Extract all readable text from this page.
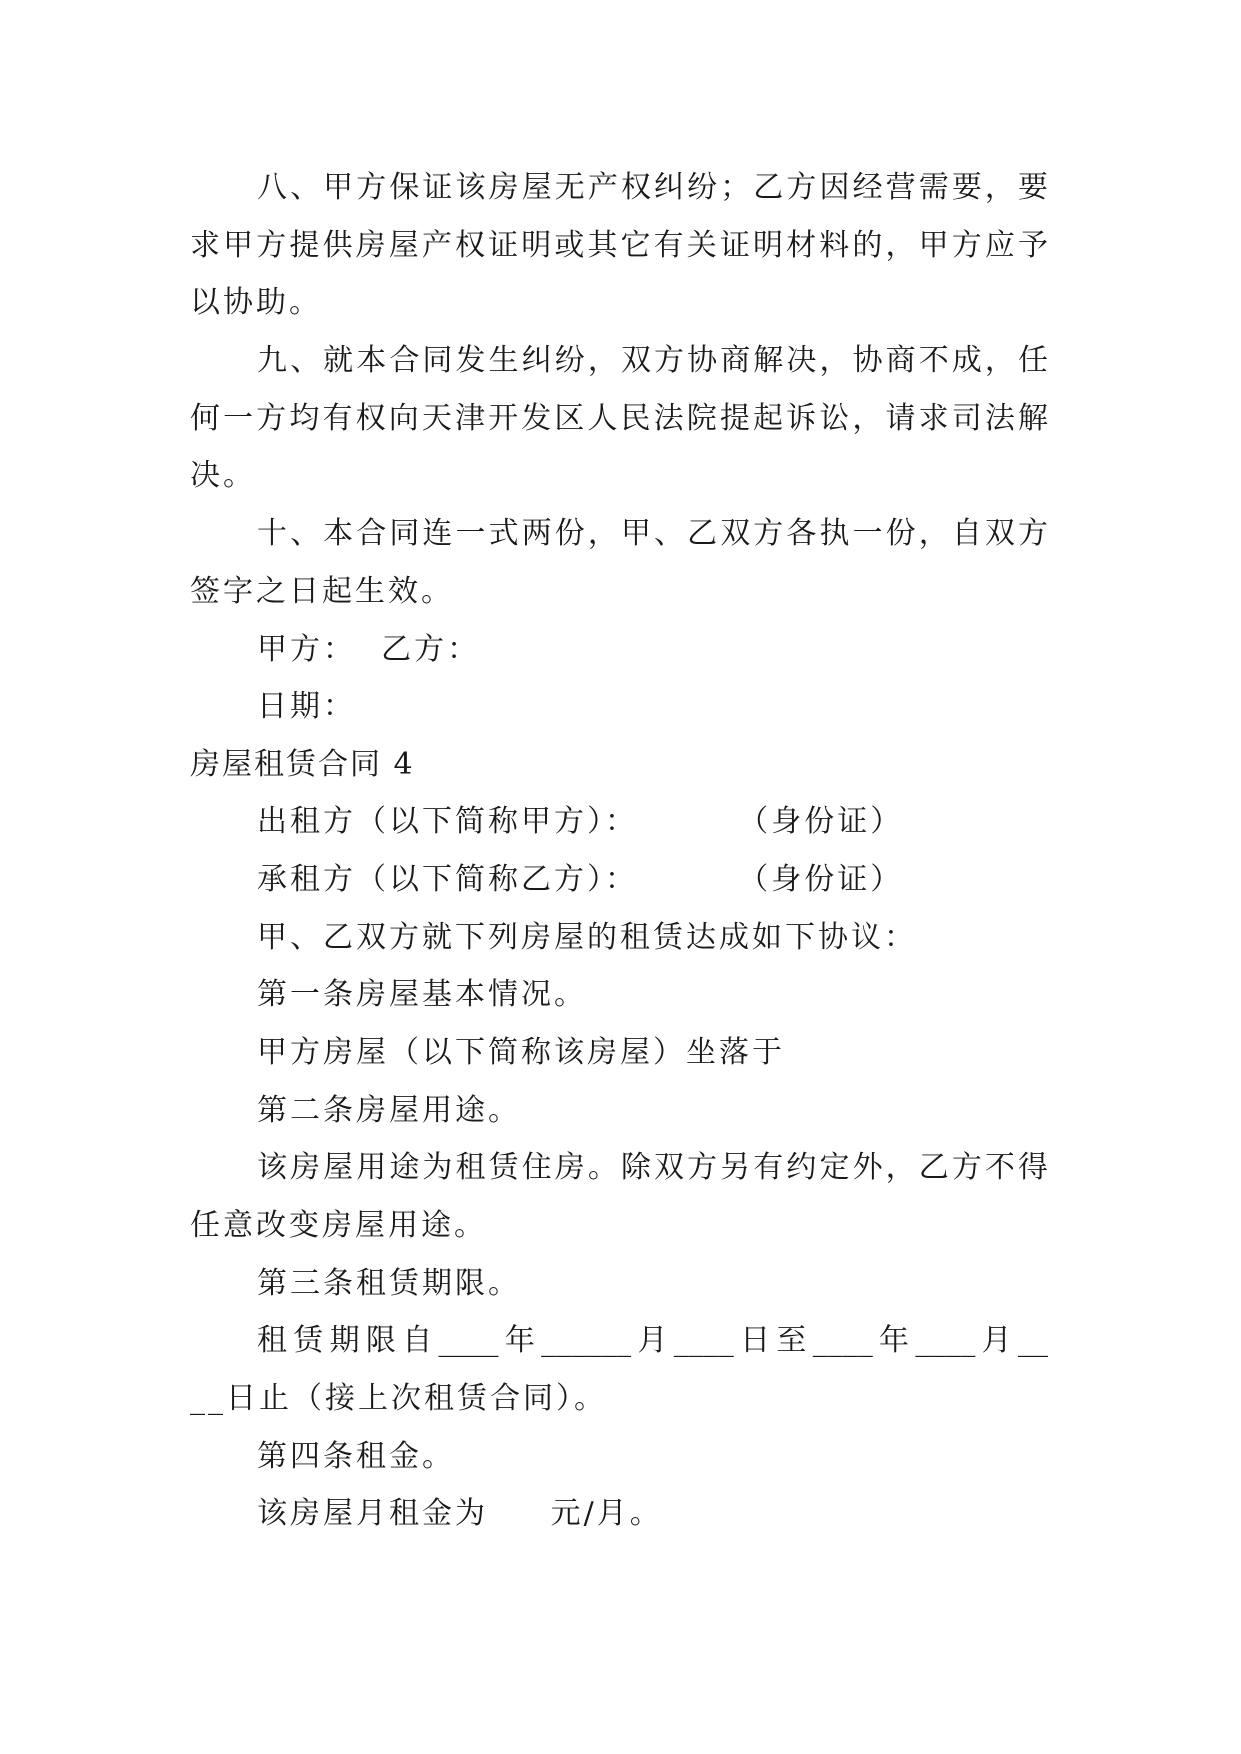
八、甲方保证该房屋无产权纠纷；乙方因经营需要，要
求甲方提供房屋产权证明或其它有关证明材料的，甲方应予
以协助。
九、就本合同发生纠纷，双方协商解决，协商不成，任
何一方均有权向天津开发区人民法院提起诉讼，请求司法解
决。
十、本合同连一式两份，甲、乙双方各执一份，自双方
签字之日起生效。
甲方：  乙方：
日期：
房屋租赁合同 4
出租方（以下简称甲方）：        （身份证）
承租方（以下简称乙方）：        （身份证）
甲、乙双方就下列房屋的租赁达成如下协议：
第一条房屋基本情况。
甲方房屋（以下简称该房屋）坐落于
第二条房屋用途。
该房屋用途为租赁住房。除双方另有约定外，乙方不得
任意改变房屋用途。
第三条租赁期限。
租赁期限自____年______月____日至____年____月__
__日止（接上次租赁合同）。
第四条租金。
该房屋月租金为     元/月。
